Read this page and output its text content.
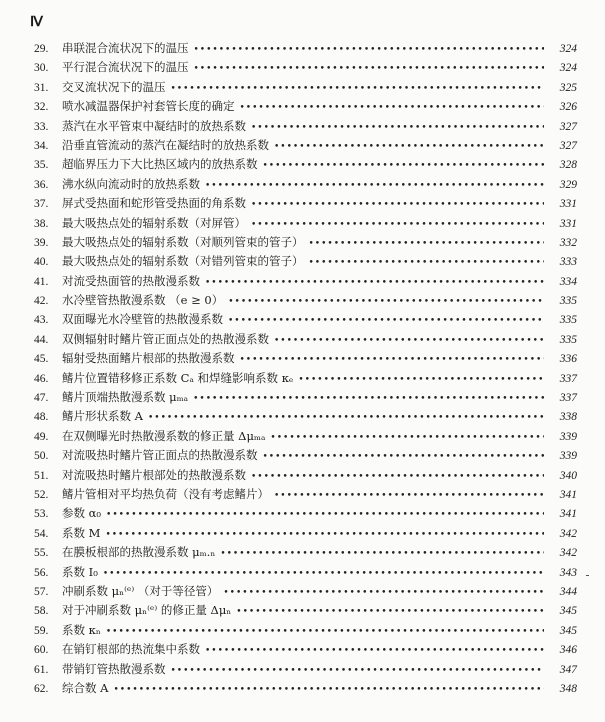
Ⅳ
29.	串联混合流状况下的温压 •••••	324
30.	平行混合流状况下的温压 •••••	324
31.	交叉流状况下的温压 •••••	325
32.	喷水减温器保护衬套管长度的确定 •••••	326
33.	蒸汽在水平管束中凝结时的放热系数 •••••	327
34.	沿垂直管流动的蒸汽在凝结时的放热系数 •••••	327
35.	超临界压力下大比热区域内的放热系数 •••••	328
36.	沸水纵向流动时的放热系数 •••••	329
37.	屏式受热面和蛇形管受热面的角系数 •••••	331
38.	最大吸热点处的辐射系数（对屏管） •••••	331
39.	最大吸热点处的辐射系数（对顺列管束的管子） •••••	332
40.	最大吸热点处的辐射系数（对错列管束的管子） •••••	333
41.	对流受热面管的热散漫系数 •••••	334
42.	水冷壁管热散漫系数 （e ≥ 0） •••••	335
43.	双面曝光水冷壁管的热散漫系数 •••••	335
44.	双侧辐射时鳍片管正面点处的热散漫系数 •••••	335
45.	辐射受热面鳍片根部的热散漫系数 •••••	336
46.	鳍片位置错移修正系数 Cₐ 和焊缝影响系数 κₑ •••••	337
47.	鳍片顶端热散漫系数 μₘₐ •••••	337
48.	鳍片形状系数 A •••••	338
49.	在双侧曝光时热散漫系数的修正量 Δμₘₐ •••••	339
50.	对流吸热时鳍片管正面点的热散漫系数 •••••	339
51.	对流吸热时鳍片根部处的热散漫系数 •••••	340
52.	鳍片管相对平均热负荷（没有考虑鳍片） •••••	341
53.	参数 α₀ •••••	341
54.	系数 M •••••	342
55.	在膜板根部的热散漫系数 μₘ.ₙ •••••	342
56.	系数 I₀ •••••	343
57.	冲刷系数 μₙ⁽ᵉ⁾ （对于等径管） •••••	344
58.	对于冲刷系数 μₙ⁽ᵉ⁾ 的修正量 Δμₙ •••••	345
59.	系数 κₙ •••••	345
60.	在销钉根部的热流集中系数 •••••	346
61.	带销钉管热散漫系数 •••••	347
62.	综合数 A •••••	348
